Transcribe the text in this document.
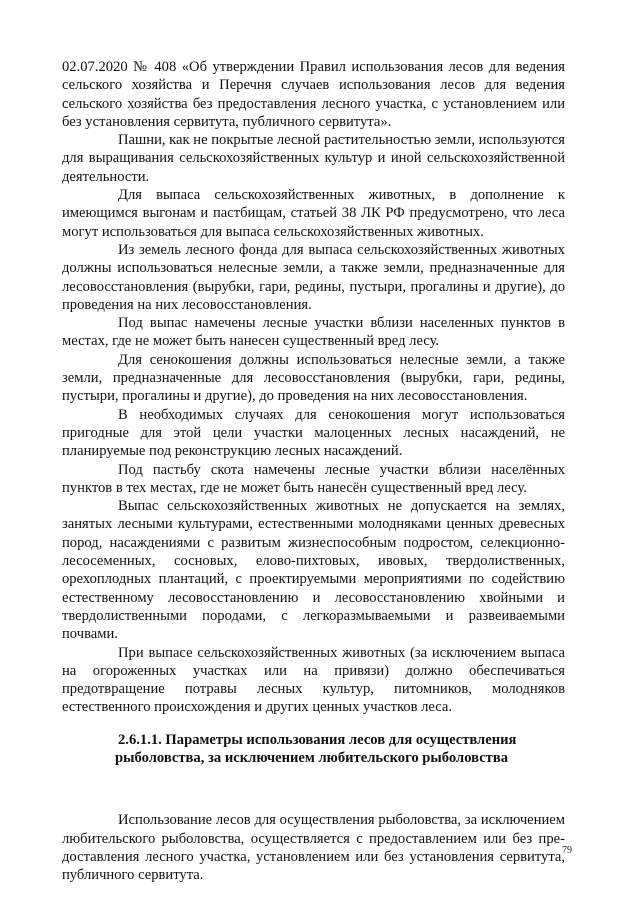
02.07.2020 № 408 «Об утверждении Правил использования лесов для ведения сельского хозяйства и Перечня случаев использования лесов для ведения сельского хозяйства без предоставления лесного участка, с установлением или без установления сервитута, публичного сервитута».

Пашни, как не покрытые лесной растительностью земли, используются для выращивания сельскохозяйственных культур и иной сельскохозяйственной деятельности.

Для выпаса сельскохозяйственных животных, в дополнение к имеющимся выгонам и пастбищам, статьей 38 ЛК РФ предусмотрено, что леса могут использоваться для выпаса сельскохозяйственных животных.

Из земель лесного фонда для выпаса сельскохозяйственных животных должны использоваться нелесные земли, а также земли, предназначенные для лесовосстановления (вырубки, гари, редины, пустыри, прогалины и другие), до проведения на них лесовосстановления.

Под выпас намечены лесные участки вблизи населенных пунктов в местах, где не может быть нанесен существенный вред лесу.

Для сенокошения должны использоваться нелесные земли, а также земли, предназначенные для лесовосстановления (вырубки, гари, редины, пустыри, прогалины и другие), до проведения на них лесовосстановления.

В необходимых случаях для сенокошения могут использоваться пригодные для этой цели участки малоценных лесных насаждений, не планируемые под реконструкцию лесных насаждений.

Под пастьбу скота намечены лесные участки вблизи населённых пунктов в тех местах, где не может быть нанесён существенный вред лесу.

Выпас сельскохозяйственных животных не допускается на землях, занятых лесными культурами, естественными молодняками ценных древесных пород, насаждениями с развитым жизнеспособным подростом, селекционно-лесосеменных, сосновых, елово-пихтовых, ивовых, твердолиственных, орехоплодных плантаций, с проектируемыми мероприятиями по содействию естественному лесовосстановлению и лесовосстановлению хвойными и твердолиственными породами, с легкоразмываемыми и развеиваемыми почвами.

При выпасе сельскохозяйственных животных (за исключением выпаса на огороженных участках или на привязи) должно обеспечиваться предотвращение потравы лесных культур, питомников, молодняков естественного происхождения и других ценных участков леса.

2.6.1.1. Параметры использования лесов для осуществления
рыболовства, за исключением любительского рыболовства

Использование лесов для осуществления рыболовства, за исключением любительского рыболовства, осуществляется с предоставлением или без предоставления лесного участка, установлением или без установления сервитута, публичного сервитута.

79
